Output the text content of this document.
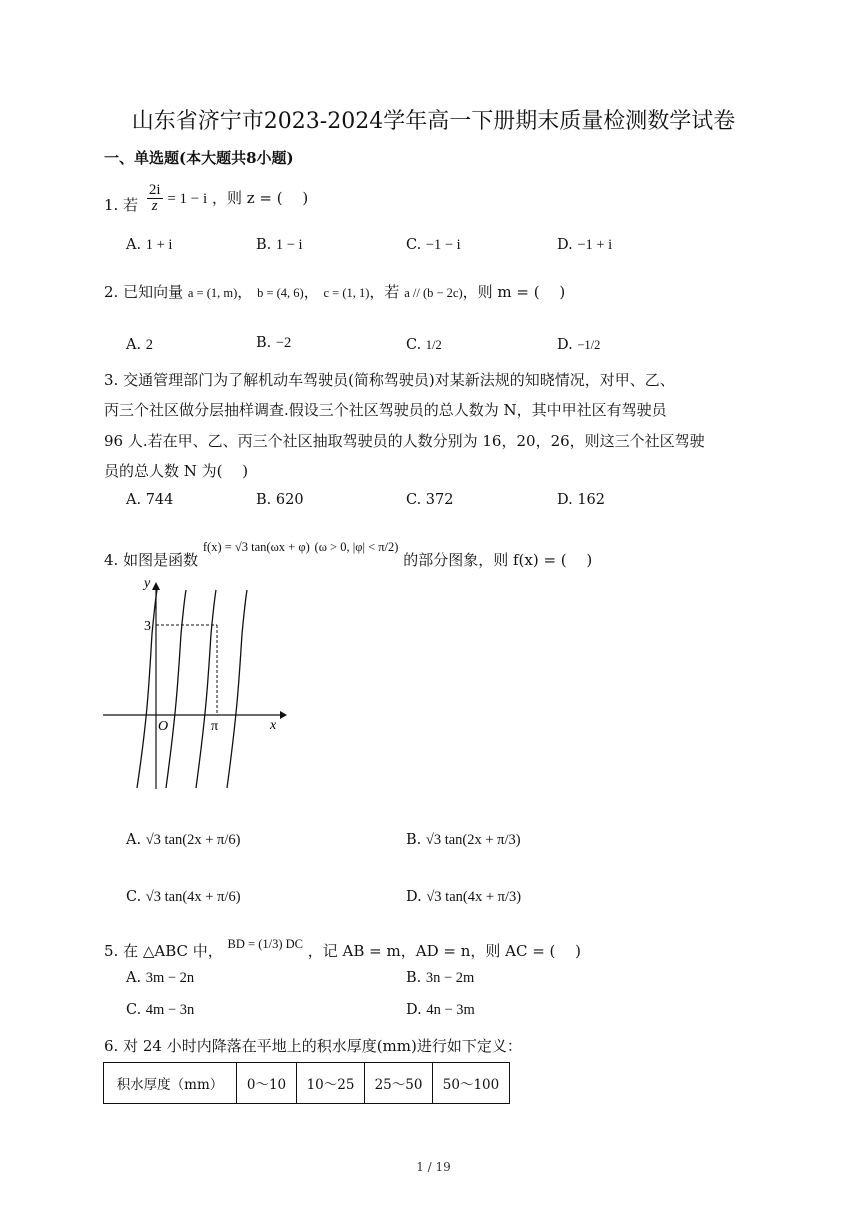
山东省济宁市2023-2024学年高一下册期末质量检测数学试卷
一、单选题(本大题共8小题)
1. 若 $\frac{2i}{z} = 1 - i$ ，则 z = (　 )
A. 1 + i	B. 1 − i	C. −1 − i	D. −1 + i
2. 已知向量 a = (1, m)， b = (4, 6)， c = (1, 1)，若 a // (b − 2c)，则 m = (　 )
A. 2	B. −2	C. 1/2	D. −1/2
3. 交通管理部门为了解机动车驾驶员(简称驾驶员)对某新法规的知晓情况，对甲、乙、
丙三个社区做分层抽样调查.假设三个社区驾驶员的总人数为 N，其中甲社区有驾驶员
96 人.若在甲、乙、丙三个社区抽取驾驶员的人数分别为 16，20，26，则这三个社区驾驶
员的总人数 N 为(　 )
A. 744	B. 620	C. 372	D. 162
4. 如图是函数 $^{f(x) = √3 tan(\omega x + \varphi)}$ $^{(\omega > 0, |\varphi| < \pi/2)}$ 的部分图象，则 f(x) = (　 )
y
x
O
3
π
A. √3 tan(2x + π/6)	B. √3 tan(2x + π/3)
C. √3 tan(4x + π/6)	D. √3 tan(4x + π/3)
5. 在 △ABC 中， $^{BD = (1/3) DC}$ ，记 AB = m，AD = n，则 AC = (　 )
A. 3m − 2n	B. 3n − 2m
C. 4m − 3n	D. 4n − 3m
6. 对 24 小时内降落在平地上的积水厚度(mm)进行如下定义：
积水厚度（mm）	0～10	10～25	25～50	50～100
1 / 19
